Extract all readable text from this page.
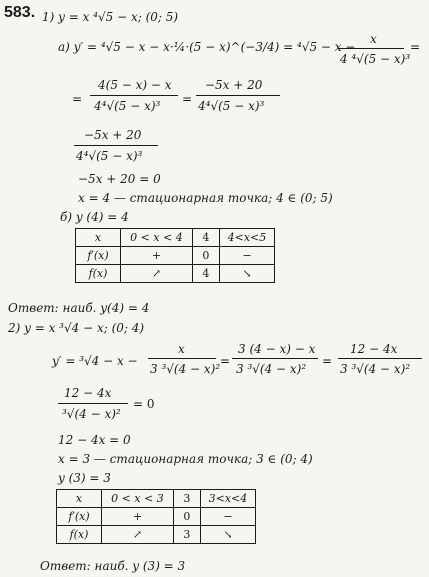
583. 1) y = x ⁴√5 − x; (0; 5)
а) y′ = ⁴√5 − x − x·¼·(5 − x)^(−3/4) = ⁴√5 − x −
x
4 ⁴√(5 − x)³
=
=
4(5 − x) − x
4⁴√(5 − x)³ =
−5x + 20
4⁴√(5 − x)³
−5x + 20
4⁴√(5 − x)³
−5x + 20 = 0
x = 4 — стационарная точка; 4 ∈ (0; 5)
б) y (4) = 4
x	0 < x < 4	4	4<x<5
f′(x)	+	0	−
f(x)	↗	4	↘
Ответ: наиб. y(4) = 4
2) y = x ³√4 − x; (0; 4)
y′ = ³√4 − x −
x
3 ³√(4 − x)²
=
3 (4 − x) − x
3 ³√(4 − x)²
=
12 − 4x
3 ³√(4 − x)²
12 − 4x
³√(4 − x)²
= 0
12 − 4x = 0
x = 3 — стационарная точка; 3 ∈ (0; 4)
y (3) = 3
x	0 < x < 3	3	3<x<4
f′(x)	+	0	−
f(x)	↗	3	↘
Ответ: наиб. y (3) = 3
